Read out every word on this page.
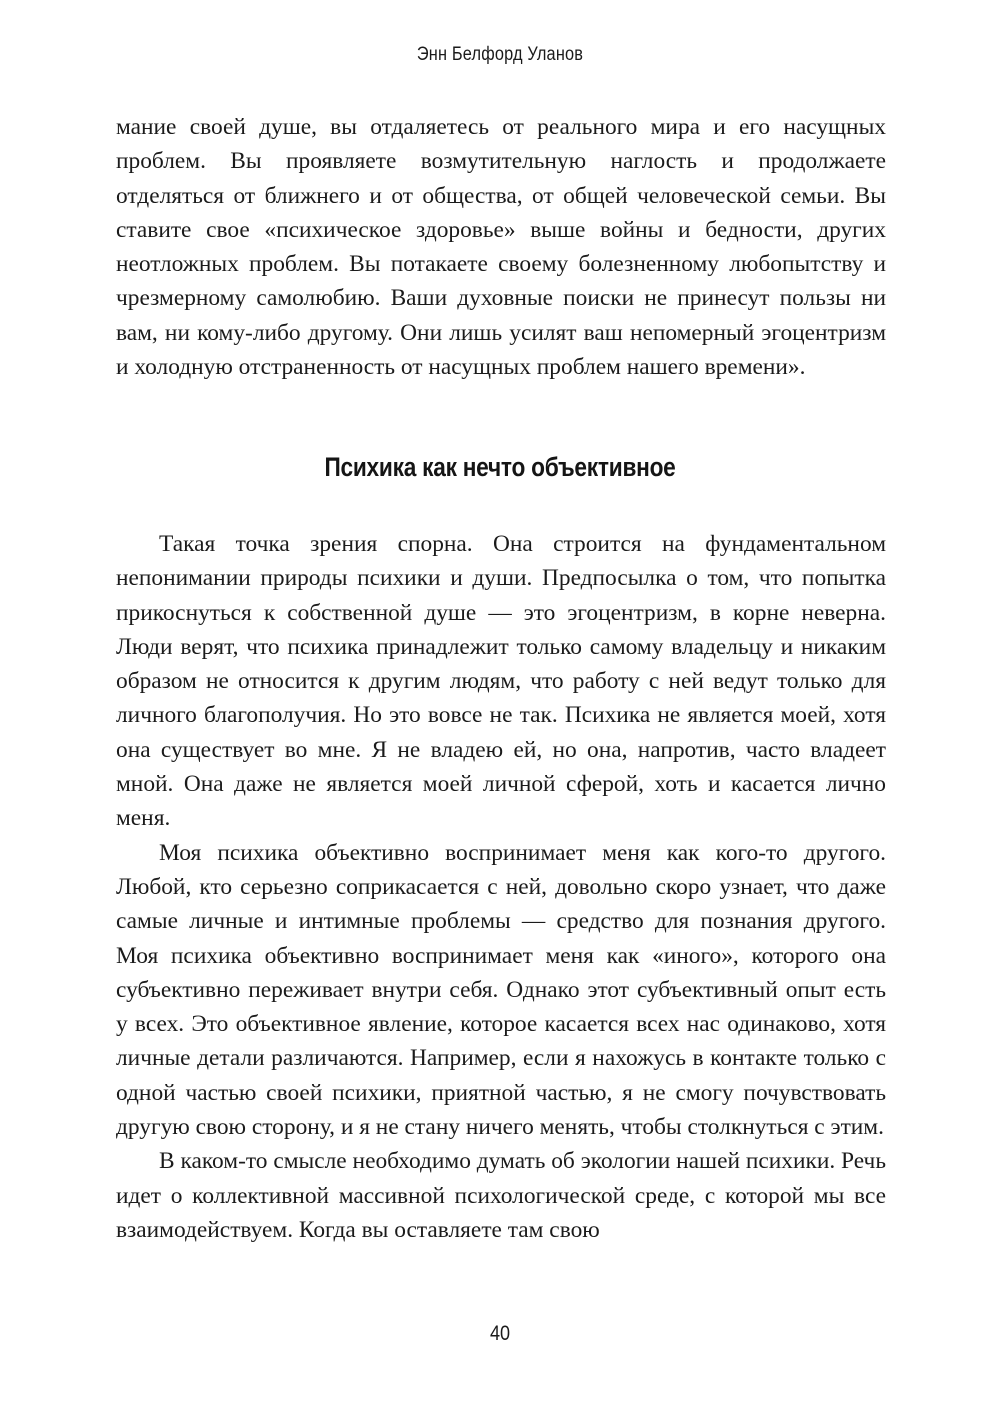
Энн Белфорд Уланов

мание своей душе, вы отдаляетесь от реального мира и его насущных проблем. Вы проявляете возмутительную наглость и продолжаете отделяться от ближнего и от общества, от общей человеческой семьи. Вы ставите свое «психическое здоровье» выше войны и бедности, других неотложных проблем. Вы потакаете своему болезненному любопытству и чрезмерному самолюбию. Ваши духовные поиски не принесут пользы ни вам, ни кому-либо другому. Они лишь усилят ваш непомерный эгоцентризм и холодную отстраненность от насущных проблем нашего времени».

Психика как нечто объективное

Такая точка зрения спорна. Она строится на фундаментальном непонимании природы психики и души. Предпосылка о том, что попытка прикоснуться к собственной душе — это эгоцентризм, в корне неверна. Люди верят, что психика принадлежит только самому владельцу и никаким образом не относится к другим людям, что работу с ней ведут только для личного благополучия. Но это вовсе не так. Психика не является моей, хотя она существует во мне. Я не владею ей, но она, напротив, часто владеет мной. Она даже не является моей личной сферой, хоть и касается лично меня.

Моя психика объективно воспринимает меня как кого-то другого. Любой, кто серьезно соприкасается с ней, довольно скоро узнает, что даже самые личные и интимные проблемы — средство для познания другого. Моя психика объективно воспринимает меня как «иного», которого она субъективно переживает внутри себя. Однако этот субъективный опыт есть у всех. Это объективное явление, которое касается всех нас одинаково, хотя личные детали различаются. Например, если я нахожусь в контакте только с одной частью своей психики, приятной частью, я не смогу почувствовать другую свою сторону, и я не стану ничего менять, чтобы столкнуться с этим.

В каком-то смысле необходимо думать об экологии нашей психики. Речь идет о коллективной массивной психологической среде, с которой мы все взаимодействуем. Когда вы оставляете там свою

40
